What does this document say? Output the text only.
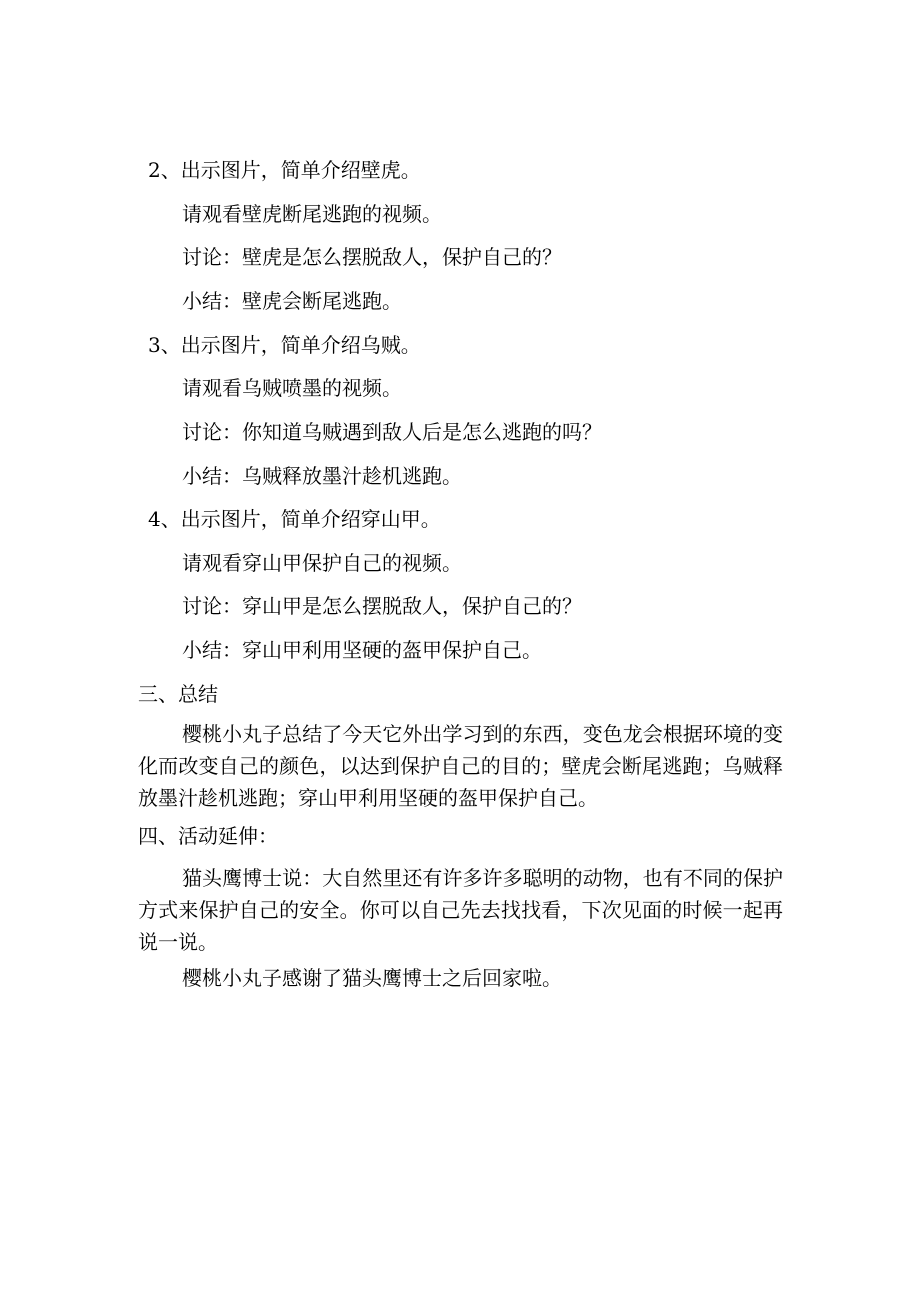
2、出示图片，简单介绍壁虎。
请观看壁虎断尾逃跑的视频。
讨论：壁虎是怎么摆脱敌人，保护自己的？
小结：壁虎会断尾逃跑。
3、出示图片，简单介绍乌贼。
请观看乌贼喷墨的视频。
讨论：你知道乌贼遇到敌人后是怎么逃跑的吗？
小结：乌贼释放墨汁趁机逃跑。
4、出示图片，简单介绍穿山甲。
请观看穿山甲保护自己的视频。
讨论：穿山甲是怎么摆脱敌人，保护自己的？
小结：穿山甲利用坚硬的盔甲保护自己。
三、总结
樱桃小丸子总结了今天它外出学习到的东西，变色龙会根据环境的变化而改变自己的颜色，以达到保护自己的目的；壁虎会断尾逃跑；乌贼释放墨汁趁机逃跑；穿山甲利用坚硬的盔甲保护自己。
四、活动延伸：
猫头鹰博士说：大自然里还有许多许多聪明的动物，也有不同的保护方式来保护自己的安全。你可以自己先去找找看，下次见面的时候一起再说一说。
樱桃小丸子感谢了猫头鹰博士之后回家啦。
